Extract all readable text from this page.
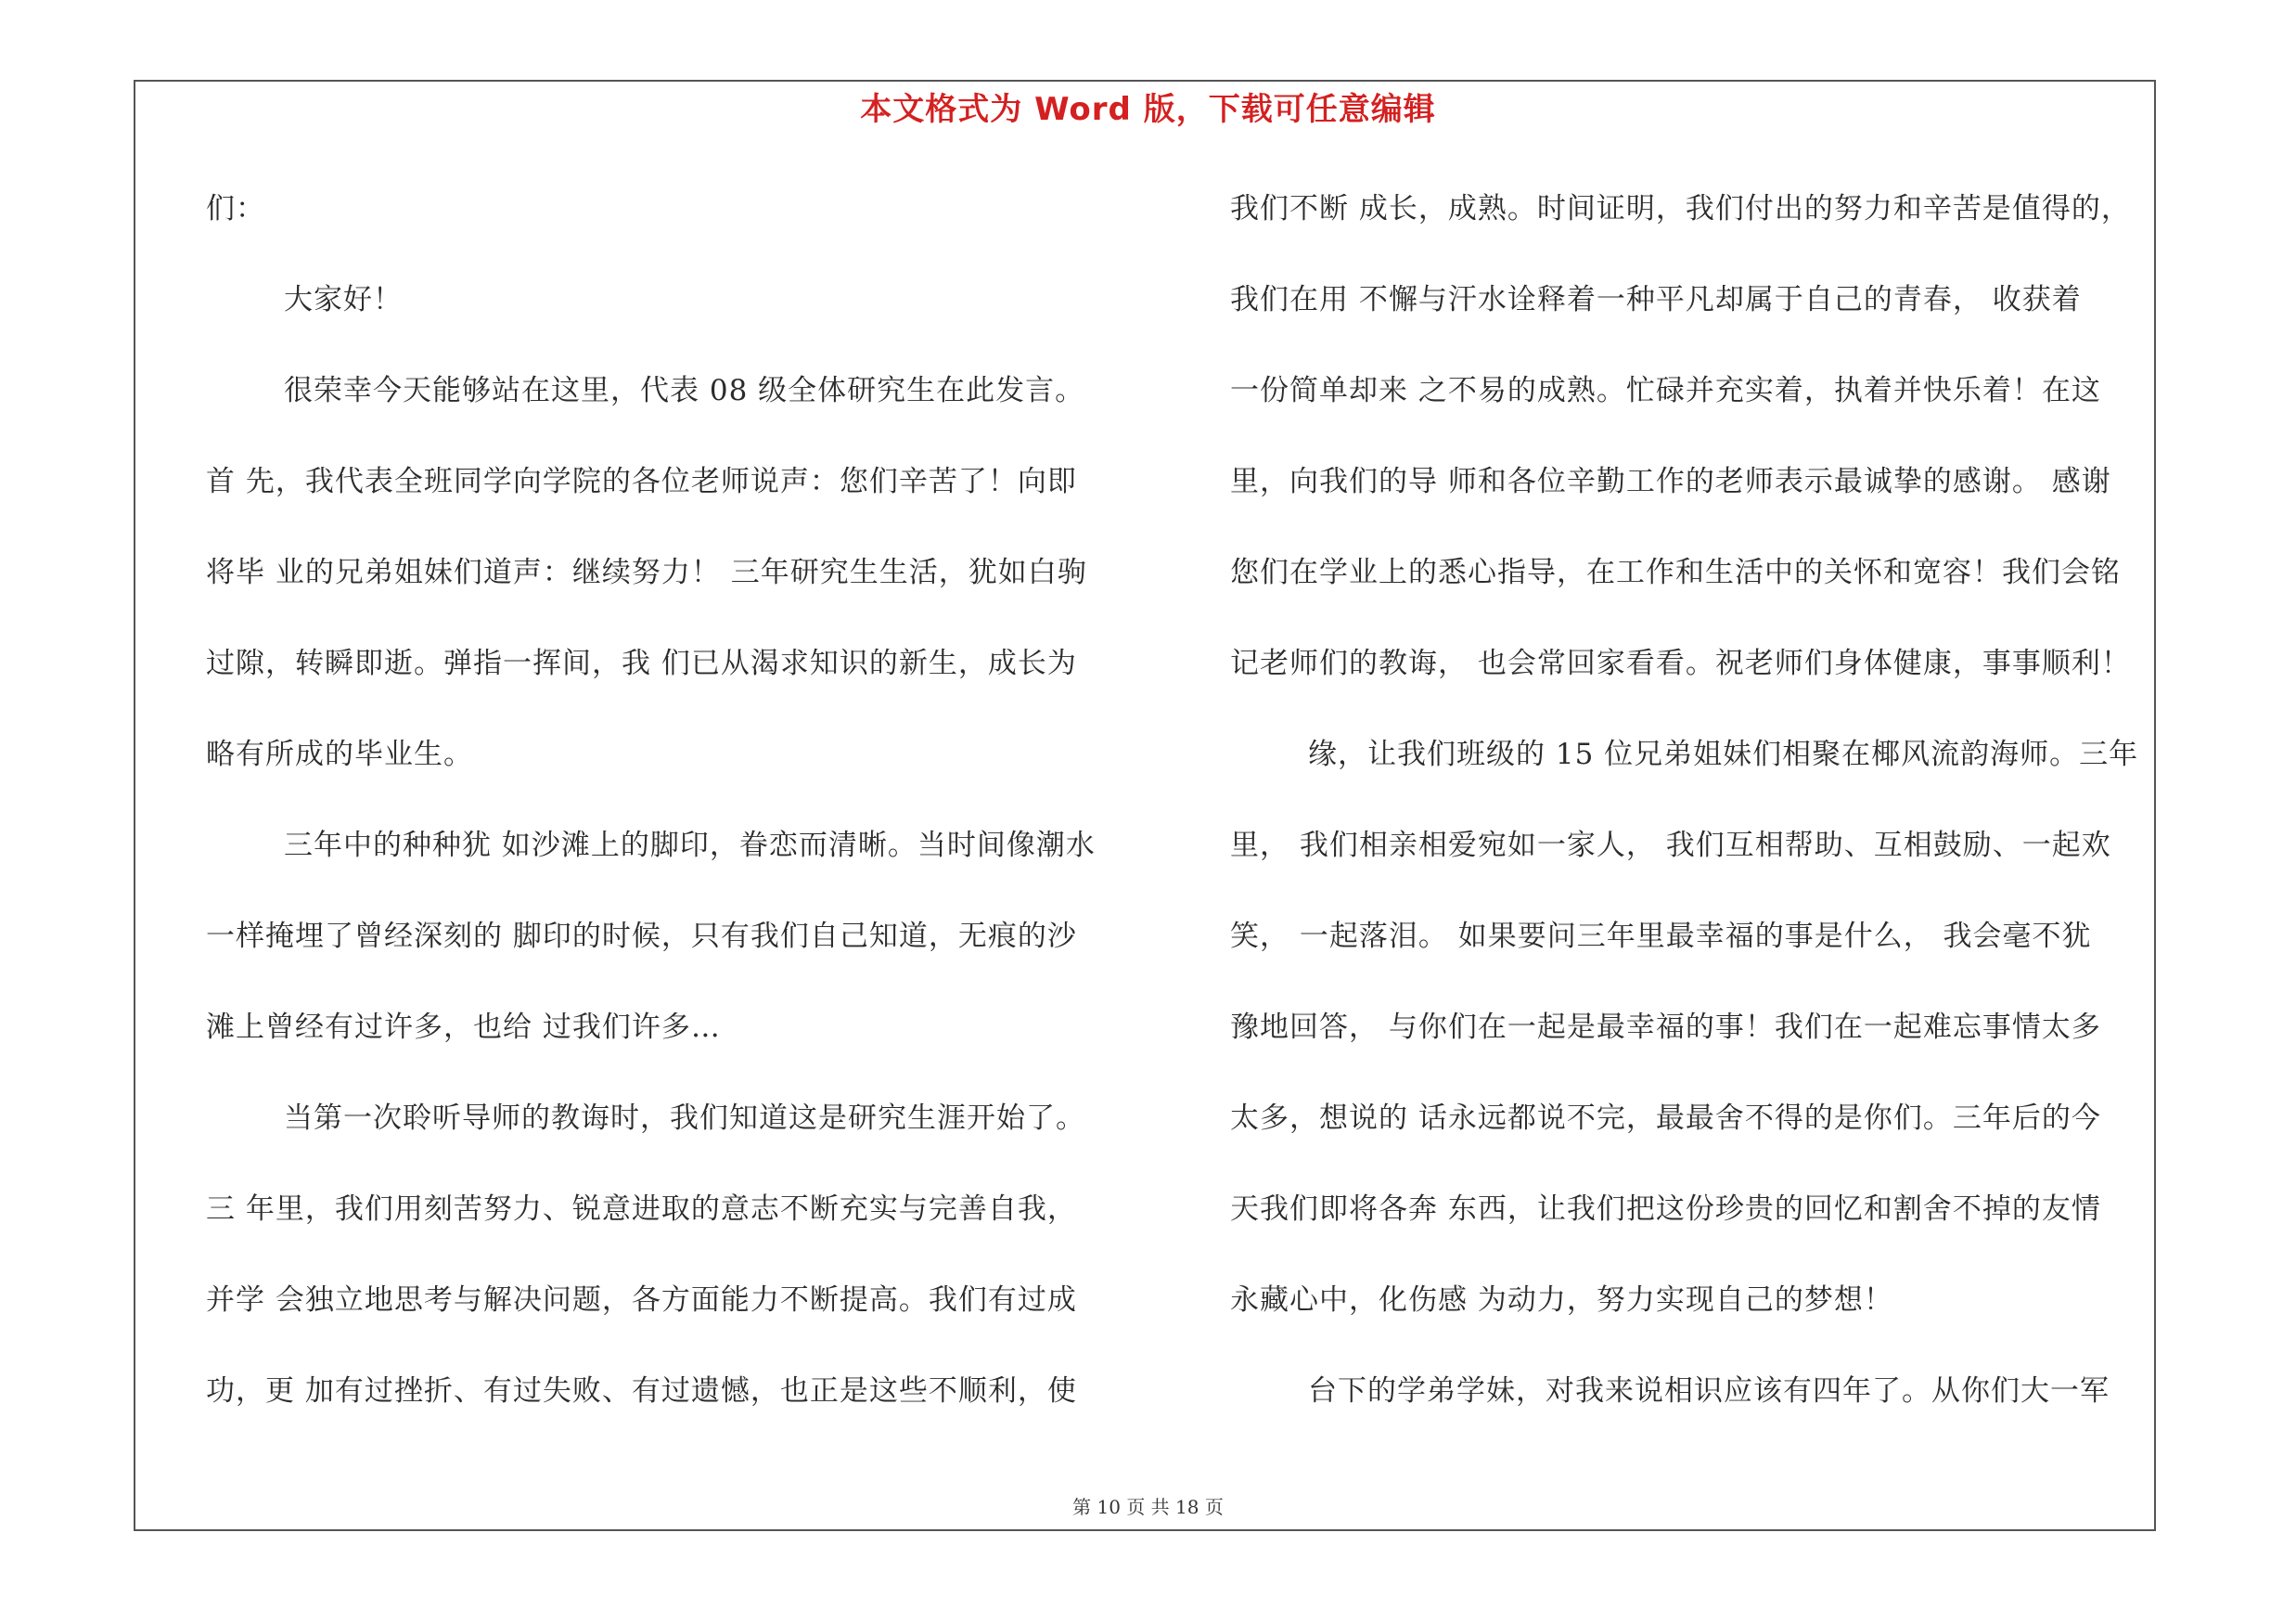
本文格式为 Word 版，下载可任意编辑
们：
大家好！
很荣幸今天能够站在这里，代表 08 级全体研究生在此发言。
首 先，我代表全班同学向学院的各位老师说声：您们辛苦了！向即
将毕 业的兄弟姐妹们道声：继续努力！ 三年研究生生活，犹如白驹
过隙，转瞬即逝。弹指一挥间，我 们已从渴求知识的新生，成长为
略有所成的毕业生。
三年中的种种犹 如沙滩上的脚印，眷恋而清晰。当时间像潮水
一样掩埋了曾经深刻的 脚印的时候，只有我们自己知道，无痕的沙
滩上曾经有过许多，也给 过我们许多…
当第一次聆听导师的教诲时，我们知道这是研究生涯开始了。
三 年里，我们用刻苦努力、锐意进取的意志不断充实与完善自我，
并学 会独立地思考与解决问题，各方面能力不断提高。我们有过成
功，更 加有过挫折、有过失败、有过遗憾，也正是这些不顺利，使
我们不断 成长，成熟。时间证明，我们付出的努力和辛苦是值得的，
我们在用 不懈与汗水诠释着一种平凡却属于自己的青春， 收获着
一份简单却来 之不易的成熟。忙碌并充实着，执着并快乐着！在这
里，向我们的导 师和各位辛勤工作的老师表示最诚挚的感谢。 感谢
您们在学业上的悉心指导，在工作和生活中的关怀和宽容！我们会铭
记老师们的教诲， 也会常回家看看。祝老师们身体健康，事事顺利！
缘，让我们班级的 15 位兄弟姐妹们相聚在椰风流韵海师。三年
里， 我们相亲相爱宛如一家人， 我们互相帮助、互相鼓励、一起欢
笑， 一起落泪。 如果要问三年里最幸福的事是什么， 我会毫不犹
豫地回答， 与你们在一起是最幸福的事！我们在一起难忘事情太多
太多，想说的 话永远都说不完，最最舍不得的是你们。三年后的今
天我们即将各奔 东西，让我们把这份珍贵的回忆和割舍不掉的友情
永藏心中，化伤感 为动力，努力实现自己的梦想！
台下的学弟学妹，对我来说相识应该有四年了。从你们大一军
第 10 页 共 18 页
